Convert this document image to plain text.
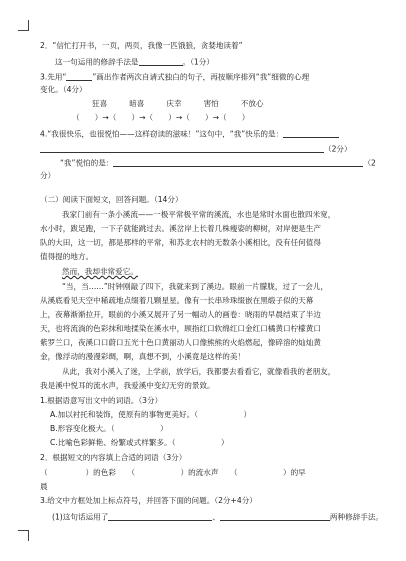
2．“信忙打开书，一页，两页，我像一匹饿狼，贪婪地读着”
这一句运用的修辞手法是	。（1分）
3.先用“	”画出作者两次自请式独白的句子，再按顺序排列“我”细微的心理
变化。（4分）
狂喜	暗喜	庆幸	害怕	不放心
（　　）→（　　）→（　　）→（　　）→（　　）
4.“我很快乐，也很悦怕——这样窃读的滋味！”这句中，“我”快乐的是：
（2分）
“我”悦怕的是：	（2
分）
（二）阅读下面短文，回答问题。（14分）
我家门前有一条小溪流——一极平常极平常的溪流，水也是常时水面也散四米宽，
水小时，跋足跑，一下子就能跳过去。溪岔岸上长着几株瘦姿的柳树，对岸便是生产
队的大田，这一切，都是那样的平常，和苏北农村的无数条小溪相比，没有任何值得
值得提的地方。
然而，我却非常爱它。
“当，当……”时钟刚敲了四下，我就来到了溪边。眼前一片朦胧，过了一会儿，
从溪底看见天空中稀疏地点缀着几颗星星。像有一长串珍珠缀嵌在黑缎子似的天幕
上，夜幕渐渐拉开，眼前的小溪又展开了另一幅动人的画卷：晓雨的早晨结束了半边
天，也将流淌的色彩抹和地揉染在溪水中，顾指红口软绵红口金红口橘黄口柠檬黄口
紫罗兰口，夜溪口口蔚口五光十色口黄丽动人口像熊熊的火焰燃起，像碎溶的灿灿黄
金，像浮动的漫漫彩绸，啊，真想不到，小溪竟是这样的美！
从此，我对小溪入了迷，上学前，放学后，我都要去看看它，就像看我的老朋友，
我是溪中悦耳的流水声，我爱溪中变幻无穷的景致。
1.根据语意写出文中的词语。（3分）
A.加以衬托和装饰，使原有的事物更美好。（　　　　　　）
B.形容变化极大。（　　　　　　）
C.比喻色彩鲜艳、纷繁或式样繁多。（　　　　　　）
2．根据短文的内容填上合适的词语（3分）
（　　　　　）的色彩　　（　　　　　　）的流水声　　（　　　　　　）的早
晨
3.给文中方框处加上标点符号，并回答下面的问题。（2分+4分）
(1)这句话运用了	、	两种修辞手法。
